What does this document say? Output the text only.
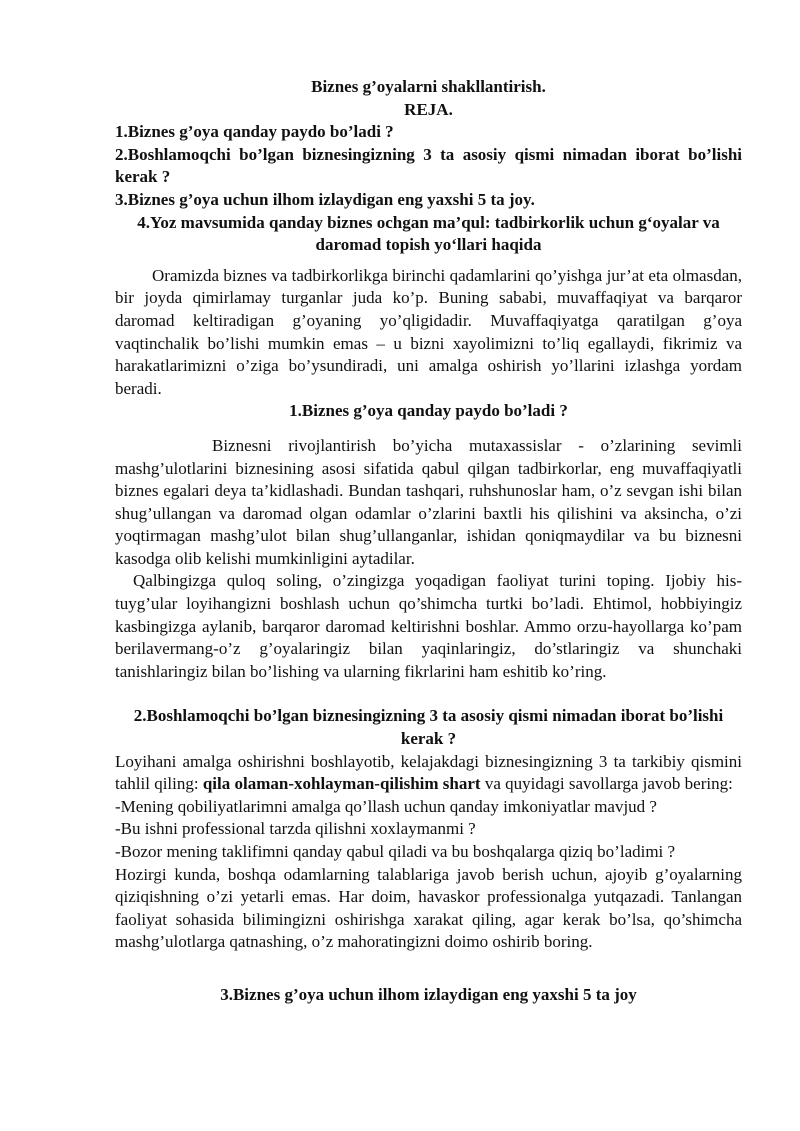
Biznes g’oyalarni shakllantirish.

REJA.

1.Biznes g’oya qanday paydo bo’ladi ?

2.Boshlamoqchi bo’lgan biznesingizning 3 ta asosiy qismi nimadan iborat bo’lishi kerak ?

3.Biznes g’oya uchun ilhom izlaydigan eng yaxshi 5 ta joy.

4.Yoz mavsumida qanday biznes ochgan ma’qul: tadbirkorlik uchun g‘oyalar va daromad topish yo‘llari haqida

Oramizda biznes va tadbirkorlikga birinchi qadamlarini qo’yishga jur’at eta olmasdan, bir joyda qimirlamay turganlar juda ko’p. Buning sababi, muvaffaqiyat va barqaror daromad keltiradigan g’oyaning yo’qligidadir. Muvaffaqiyatga qaratilgan g’oya vaqtinchalik bo’lishi mumkin emas – u bizni xayolimizni to’liq egallaydi, fikrimiz va harakatlarimizni o’ziga bo’ysundiradi, uni amalga oshirish yo’llarini izlashga yordam beradi.

1.Biznes g’oya qanday paydo bo’ladi ?

Biznesni rivojlantirish bo’yicha mutaxassislar - o’zlarining sevimli mashg’ulotlarini biznesining asosi sifatida qabul qilgan tadbirkorlar, eng muvaffaqiyatli biznes egalari deya ta’kidlashadi. Bundan tashqari, ruhshunoslar ham, o’z sevgan ishi bilan shug’ullangan va daromad olgan odamlar o’zlarini baxtli his qilishini va aksincha, o’zi yoqtirmagan mashg’ulot bilan shug’ullanganlar, ishidan qoniqmaydilar va bu biznesni kasodga olib kelishi mumkinligini aytadilar.

Qalbingizga quloq soling, o’zingizga yoqadigan faoliyat turini toping. Ijobiy his-tuyg’ular loyihangizni boshlash uchun qo’shimcha turtki bo’ladi. Ehtimol, hobbiyingiz kasbingizga aylanib, barqaror daromad keltirishni boshlar. Ammo orzu-hayollarga ko’pam berilavermang-o’z g’oyalaringiz bilan yaqinlaringiz, do’stlaringiz va shunchaki tanishlaringiz bilan bo’lishing va ularning fikrlarini ham eshitib ko’ring.

2.Boshlamoqchi bo’lgan biznesingizning 3 ta asosiy qismi nimadan iborat bo’lishi kerak ?

Loyihani amalga oshirishni boshlayotib, kelajakdagi biznesingizning 3 ta tarkibiy qismini tahlil qiling: qila olaman-xohlayman-qilishim shart va quyidagi savollarga javob bering:

-Mening qobiliyatlarimni amalga qo’llash uchun qanday imkoniyatlar mavjud ?

-Bu ishni professional tarzda qilishni xoxlaymanmi ?

-Bozor mening taklifimni qanday qabul qiladi va bu boshqalarga qiziq bo’ladimi ?

Hozirgi kunda, boshqa odamlarning talablariga javob berish uchun, ajoyib g’oyalarning qiziqishning o’zi yetarli emas. Har doim, havaskor professionalga yutqazadi. Tanlangan faoliyat sohasida bilimingizni oshirishga xarakat qiling, agar kerak bo’lsa, qo’shimcha mashg’ulotlarga qatnashing, o’z mahoratingizni doimo oshirib boring.

3.Biznes g’oya uchun ilhom izlaydigan eng yaxshi 5 ta joy
